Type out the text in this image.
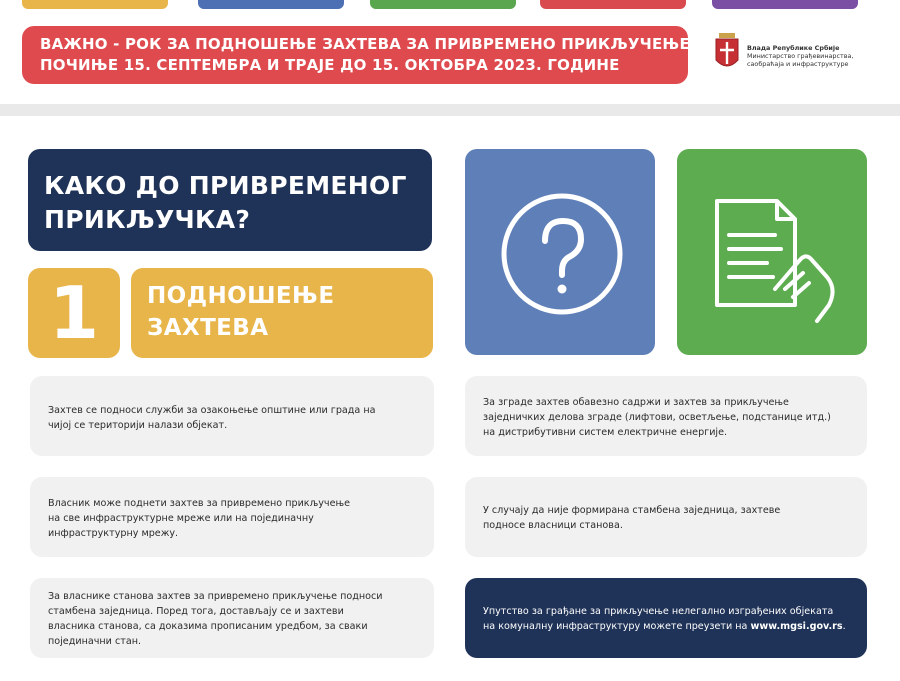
ВАЖНО - РОК ЗА ПОДНОШЕЊЕ ЗАХТЕВА ЗА ПРИВРЕМЕНО ПРИКЉУЧЕЊЕ
ПОЧИЊЕ 15. СЕПТЕМБРА И ТРАЈЕ ДО 15. ОКТОБРА 2023. ГОДИНЕ
Влада Републике Србије
Министарство грађевинарства,
саобраћаја и инфраструктуре
КАКО ДО ПРИВРЕМЕНОГ
ПРИКЉУЧКА?
1	ПОДНОШЕЊЕ
ЗАХТЕВА
Захтев се подноси служби за озакоњење општине или града на
чијој се територији налази објекат.
За зграде захтев обавезно садржи и захтев за прикључење
заједничких делова зграде (лифтови, осветљење, подстанице итд.)
на дистрибутивни систем електричне енергије.
Власник може поднети захтев за привремено прикључење
на све инфраструктурне мреже или на појединачну
инфраструктурну мрежу.
У случају да није формирана стамбена заједница, захтеве
подносе власници станова.
За власнике станова захтев за привремено прикључење подноси
стамбена заједница. Поред тога, достављају се и захтеви
власника станова, са доказима прописаним уредбом, за сваки
појединачни стан.
Упутство за грађане за прикључење нелегално изграђених објеката
на комуналну инфраструктуру можете преузети на www.mgsi.gov.rs.
